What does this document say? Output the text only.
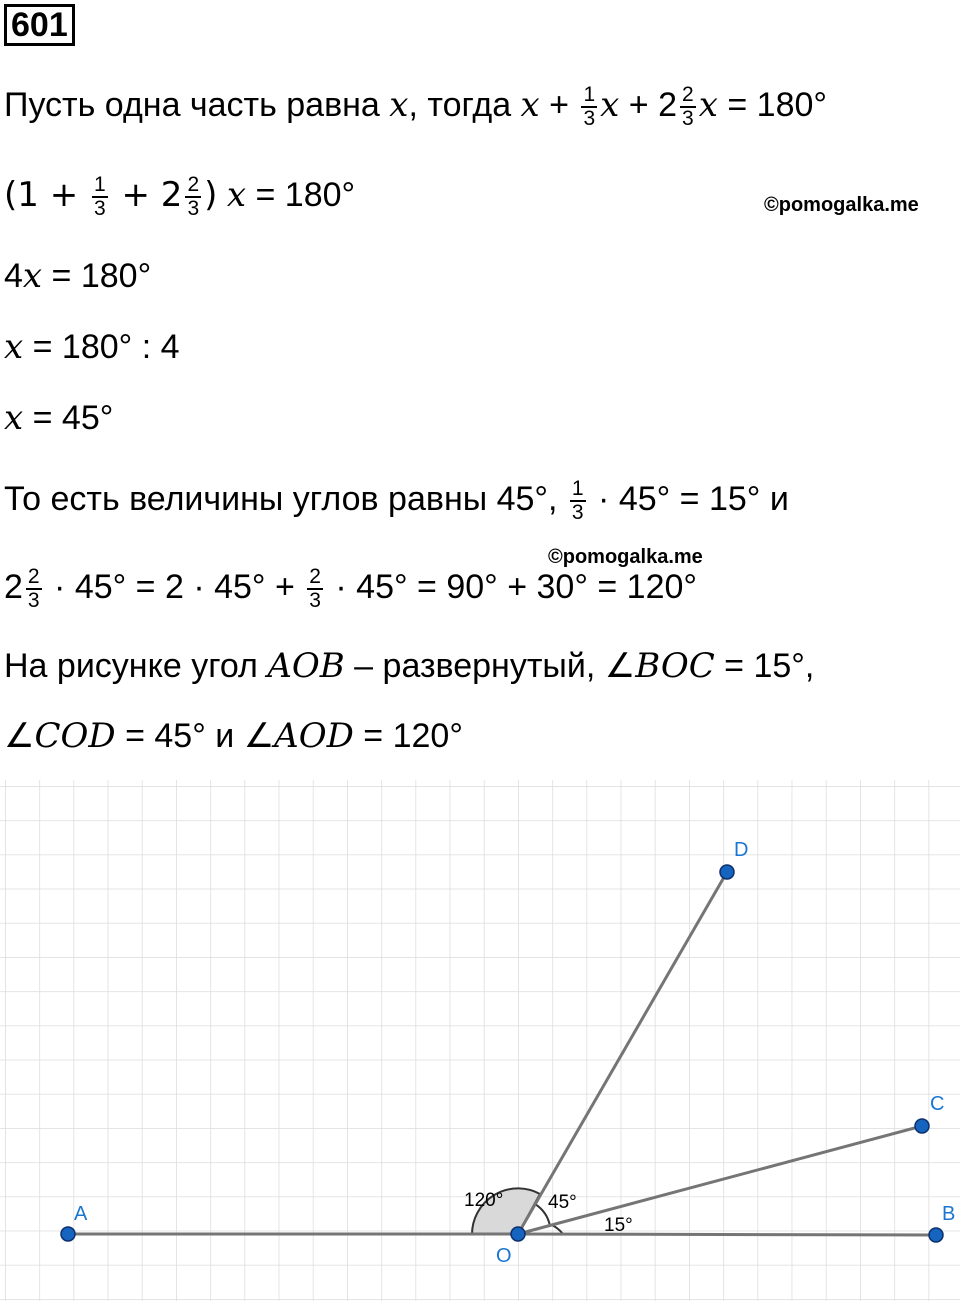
601
Пусть одна часть равна x, тогда $x + \frac{1}{3}$ $x + 2 \frac{2}{3}$ x = 180°
($1 + \frac{1}{3} + 2 \frac{2}{3}$ ) x = 180°	©pomogalka.me
4x = 180°
x = 180° : 4
x = 45°
То есть величины углов равны 45°, $\frac{1}{3} \cdot 45^\circ = 15^\circ$ и
©pomogalka.me
$2 \frac{2}{3} \cdot 45^\circ = 2 \cdot 45^\circ + \frac{2}{3} \cdot 45^\circ = 90^\circ + 30^\circ = 120^\circ$
На рисунке угол AOB – развернутый, ∠BOC = 15°,
∠COD = 45° и ∠AOD = 120°
120° 45°
15°
A
O
B
C
D
